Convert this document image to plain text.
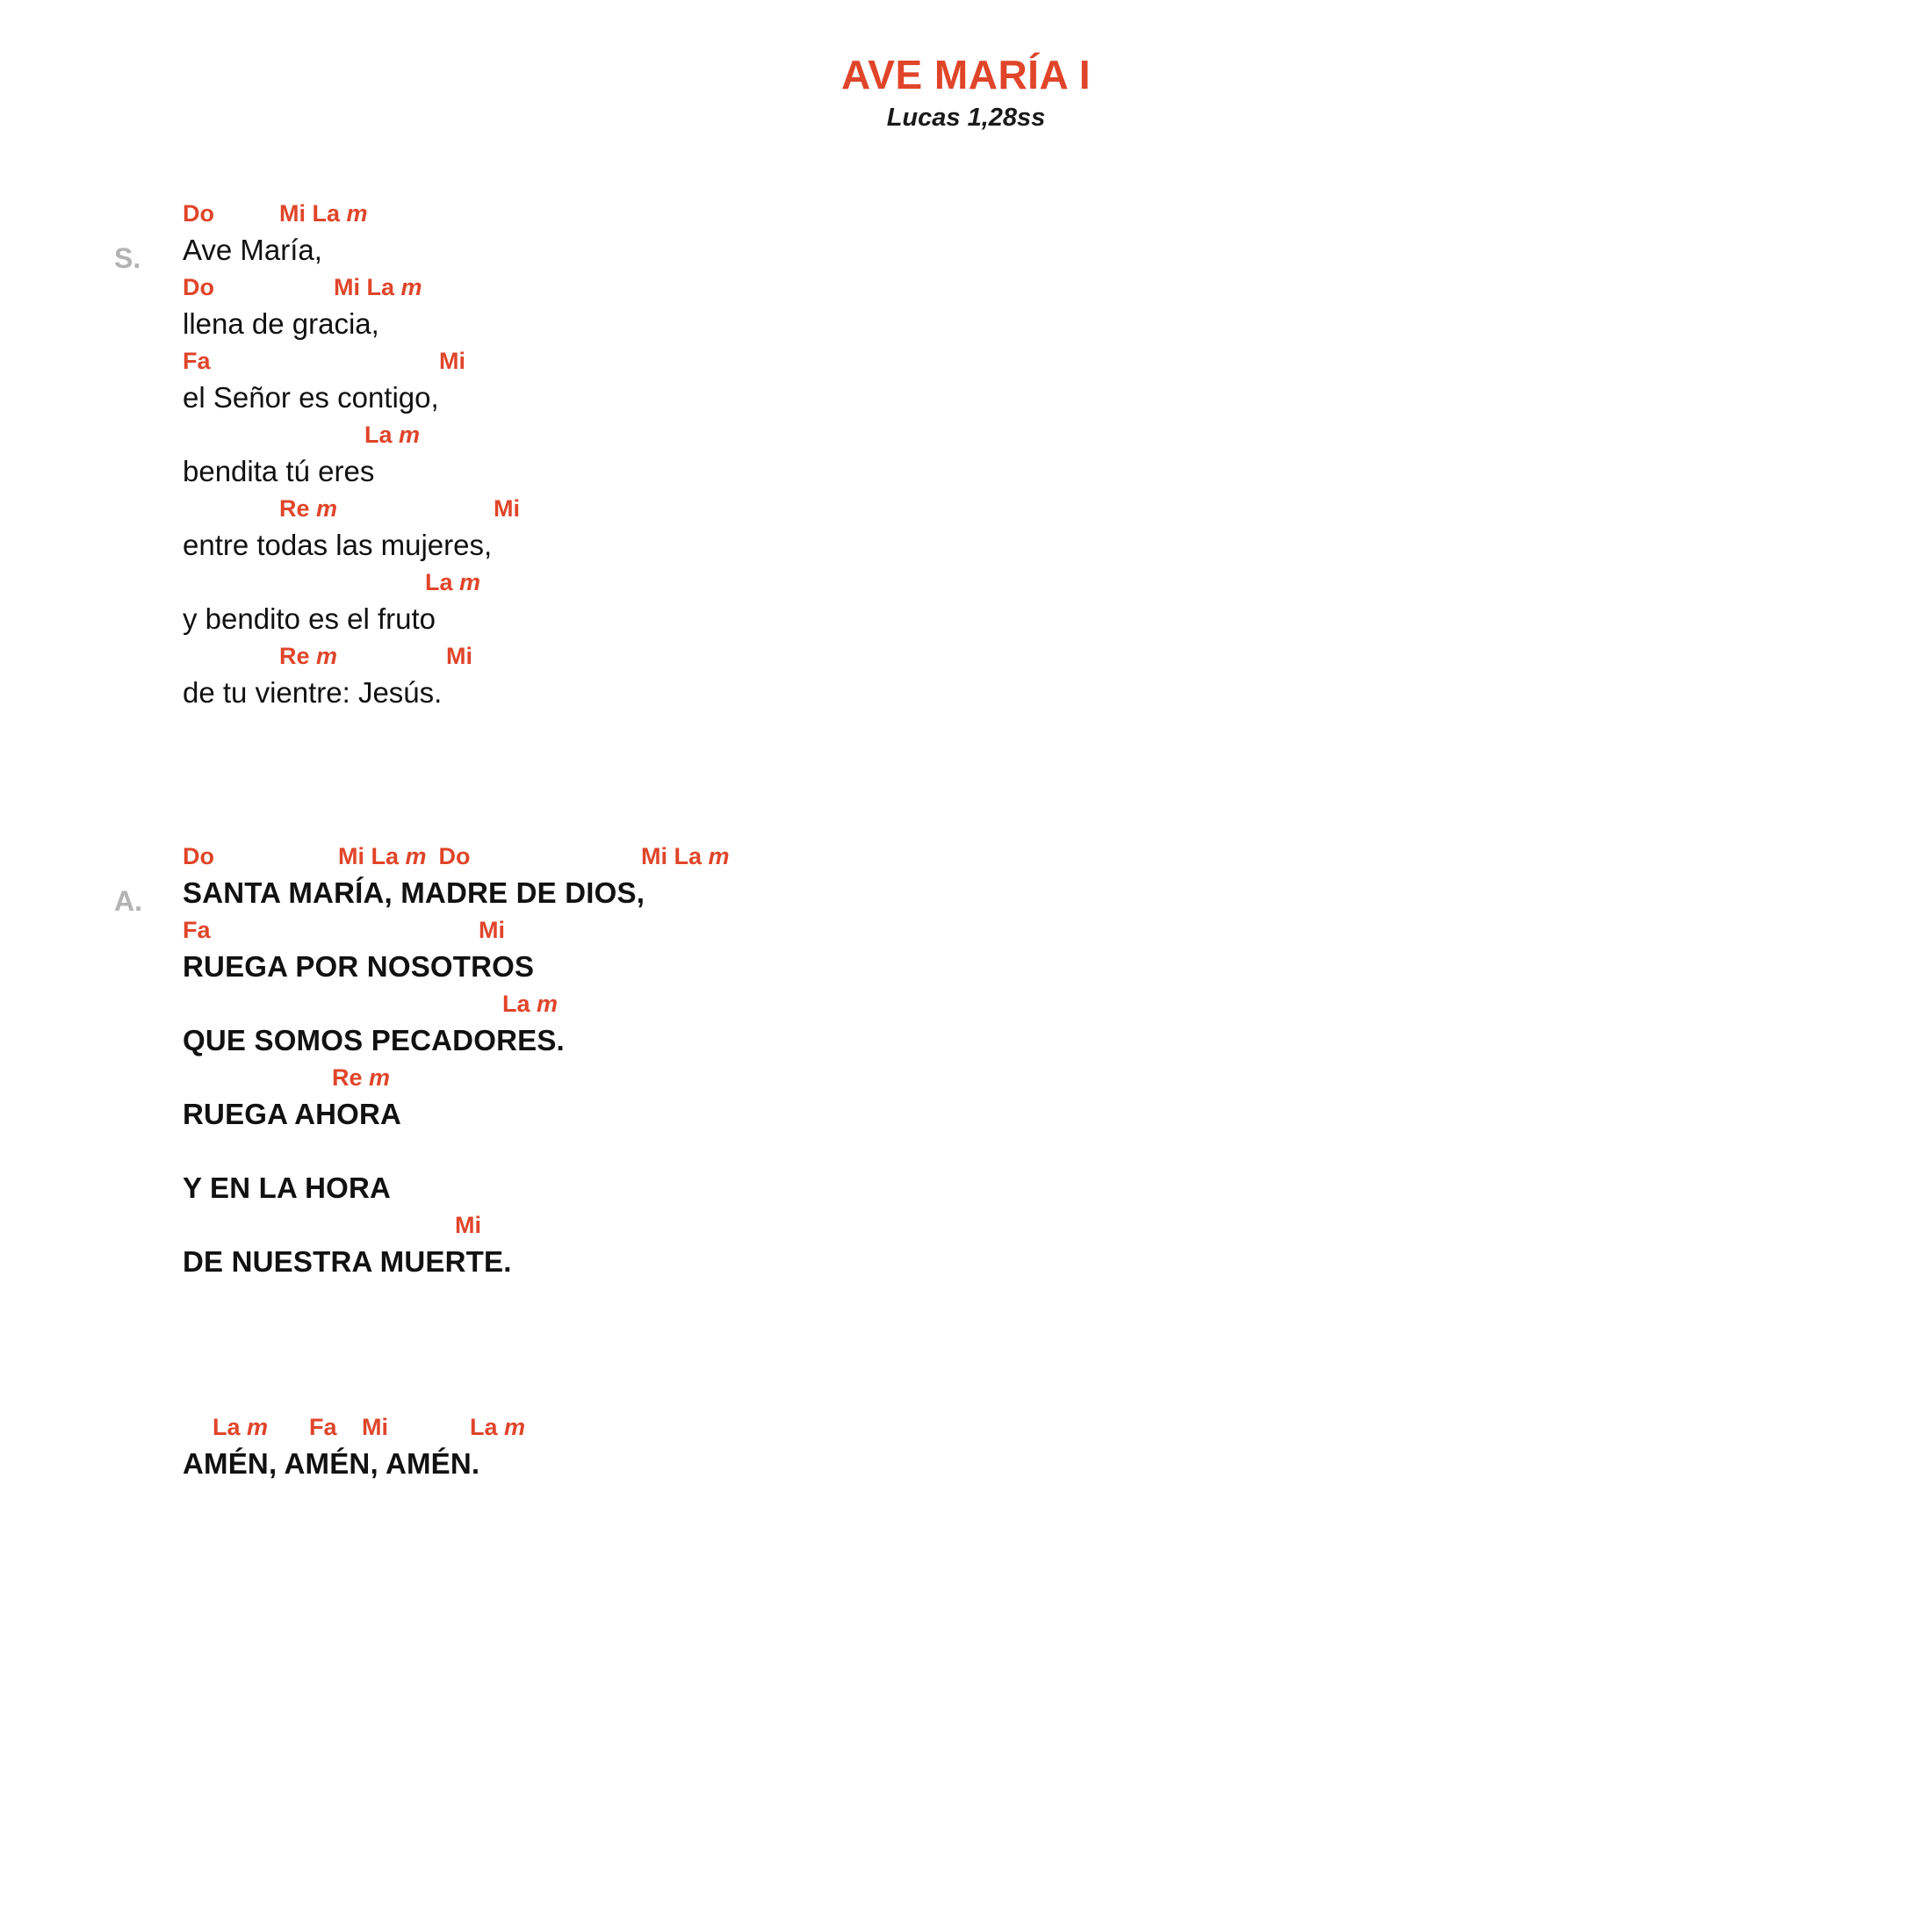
AVE MARÍA I
Lucas 1,28ss
S.
Do	Mi La m
Ave María,
Do	Mi La m
llena de gracia,
Fa	Mi
el Señor es contigo,
La m
bendita tú eres
Re m	Mi
entre todas las mujeres,
La m
y bendito es el fruto
Re m	Mi
de tu vientre: Jesús.
A.
Do	Mi La m Do	Mi La m
SANTA MARÍA, MADRE DE DIOS,
Fa	Mi
RUEGA POR NOSOTROS
La m
QUE SOMOS PECADORES.
Re m
RUEGA AHORA
Y EN LA HORA
Mi
DE NUESTRA MUERTE.
La m Fa Mi	La m
AMÉN, AMÉN, AMÉN.
